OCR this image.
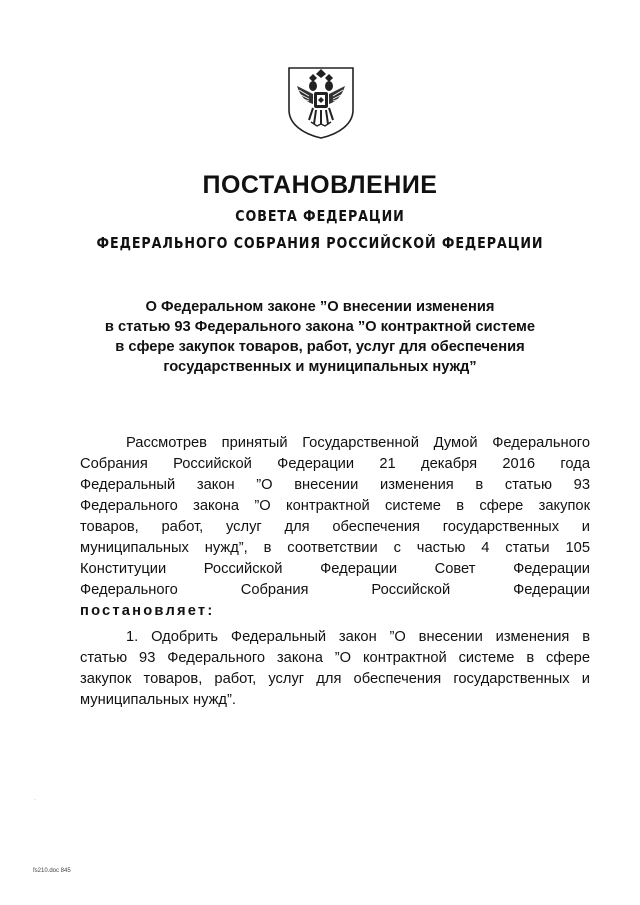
ПОСТАНОВЛЕНИЕ
СОВЕТА ФЕДЕРАЦИИ
ФЕДЕРАЛЬНОГО СОБРАНИЯ РОССИЙСКОЙ ФЕДЕРАЦИИ
О Федеральном законе ”О внесении изменения
в статью 93 Федерального закона ”О контрактной системе
в сфере закупок товаров, работ, услуг для обеспечения
государственных и муниципальных нужд”
Рассмотрев принятый Государственной Думой Федерального
Собрания Российской Федерации 21 декабря 2016 года
Федеральный закон ”О внесении изменения в статью 93
Федерального закона ”О контрактной системе в сфере закупок
товаров, работ, услуг для обеспечения государственных и
муниципальных нужд”, в соответствии с частью 4 статьи 105
Конституции Российской Федерации Совет Федерации
Федерального Собрания Российской Федерации
постановляет:
1. Одобрить Федеральный закон ”О внесении изменения в
статью 93 Федерального закона ”О контрактной системе в сфере
закупок товаров, работ, услуг для обеспечения государственных и
муниципальных нужд”.
·
fs210.doc 845
